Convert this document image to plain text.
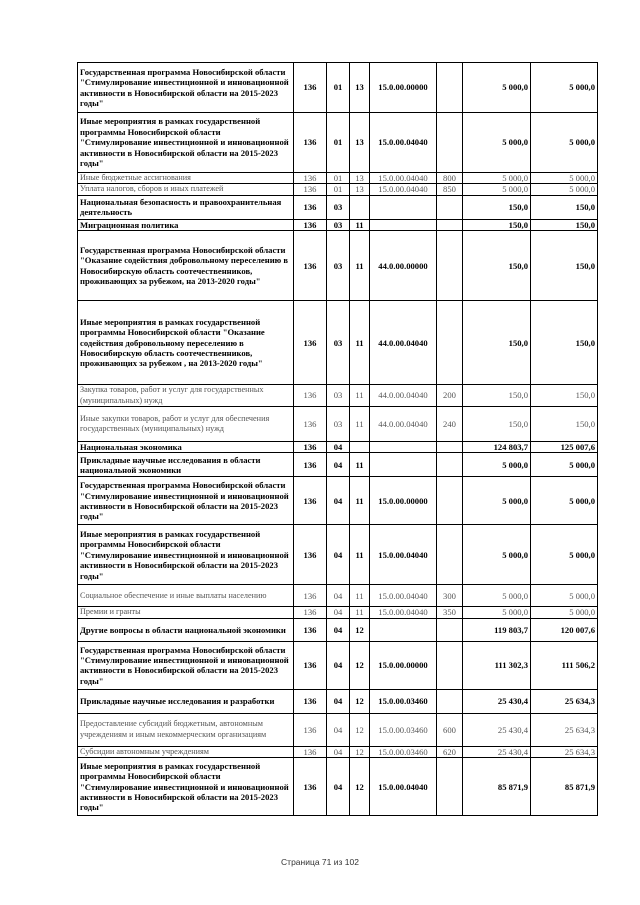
Государственная программа Новосибирской области "Стимулирование инвестиционной и инновационной активности в Новосибирской области на 2015-2023 годы"	136	01	13	15.0.00.00000		5 000,0	5 000,0
Иные мероприятия в рамках государственной программы Новосибирской области "Стимулирование инвестиционной и инновационной активности в Новосибирской области на 2015-2023 годы"	136	01	13	15.0.00.04040		5 000,0	5 000,0
Иные бюджетные ассигнования	136	01	13	15.0.00.04040	800	5 000,0	5 000,0
Уплата налогов, сборов и иных платежей	136	01	13	15.0.00.04040	850	5 000,0	5 000,0
Национальная безопасность и правоохранительная деятельность	136	03				150,0	150,0
Миграционная политика	136	03	11			150,0	150,0
Государственная программа Новосибирской области "Оказание содействия добровольному переселению в Новосибирскую область соотечественников, проживающих за рубежом, на 2013-2020 годы"	136	03	11	44.0.00.00000		150,0	150,0
Иные мероприятия в рамках государственной программы Новосибирской области "Оказание содействия добровольному переселению в Новосибирскую область соотечественников, проживающих за рубежом , на 2013-2020 годы"	136	03	11	44.0.00.04040		150,0	150,0
Закупка товаров, работ и услуг для государственных (муниципальных) нужд	136	03	11	44.0.00.04040	200	150,0	150,0
Иные закупки товаров, работ и услуг для обеспечения государственных (муниципальных) нужд	136	03	11	44.0.00.04040	240	150,0	150,0
Национальная экономика	136	04				124 803,7	125 007,6
Прикладные научные исследования в области национальной экономики	136	04	11			5 000,0	5 000,0
Государственная программа Новосибирской области "Стимулирование инвестиционной и инновационной активности в Новосибирской области на 2015-2023 годы"	136	04	11	15.0.00.00000		5 000,0	5 000,0
Иные мероприятия в рамках государственной программы Новосибирской области "Стимулирование инвестиционной и инновационной активности в Новосибирской области на 2015-2023 годы"	136	04	11	15.0.00.04040		5 000,0	5 000,0
Социальное обеспечение и иные выплаты населению	136	04	11	15.0.00.04040	300	5 000,0	5 000,0
Премии и гранты	136	04	11	15.0.00.04040	350	5 000,0	5 000,0
Другие вопросы в области национальной экономики	136	04	12			119 803,7	120 007,6
Государственная программа Новосибирской области "Стимулирование инвестиционной и инновационной активности в Новосибирской области на 2015-2023 годы"	136	04	12	15.0.00.00000		111 302,3	111 506,2
Прикладные научные исследования и разработки	136	04	12	15.0.00.03460		25 430,4	25 634,3
Предоставление субсидий бюджетным, автономным учреждениям и иным некоммерческим организациям	136	04	12	15.0.00.03460	600	25 430,4	25 634,3
Субсидии автономным учреждениям	136	04	12	15.0.00.03460	620	25 430,4	25 634,3
Иные мероприятия в рамках государственной программы Новосибирской области "Стимулирование инвестиционной и инновационной активности в Новосибирской области на 2015-2023 годы"	136	04	12	15.0.00.04040		85 871,9	85 871,9
Страница 71 из 102
